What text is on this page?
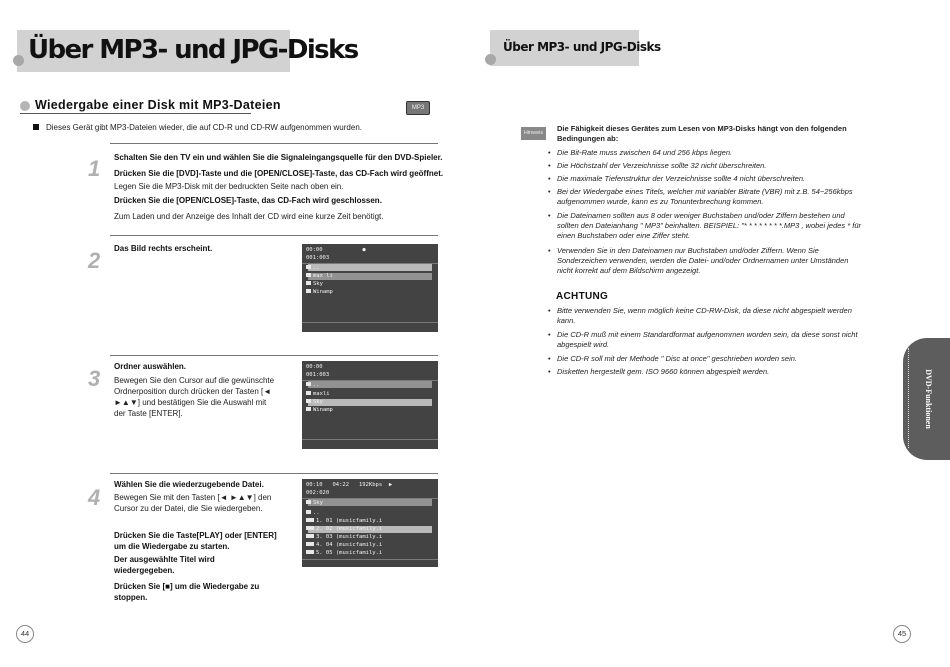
Über MP3- und JPG-Disks	Über MP3- und JPG-Disks
Wiedergabe einer Disk mit MP3-Dateien	MP3
Dieses Gerät gibt MP3-Dateien wieder, die auf CD-R und CD-RW aufgenommen wurden.
1 Schalten Sie den TV ein und wählen Sie die Signaleingangsquelle für den DVD-Spieler.
Drücken Sie die [DVD]-Taste und die [OPEN/CLOSE]-Taste, das CD-Fach wird geöffnet.
Legen Sie die MP3-Disk mit der bedruckten Seite nach oben ein.
Drücken Sie die [OPEN/CLOSE]-Taste, das CD-Fach wird geschlossen.
Zum Laden und der Anzeige des Inhalt der CD wird eine kurze Zeit benötigt.
2 Das Bild rechts erscheint.	00:00	●
001:003
..
max li
Sky
Winamp
3 Ordner auswählen.
Bewegen Sie den Cursor auf die gewünschte
Ordnerposition durch drücken der Tasten [◄
►▲▼] und bestätigen Sie die Auswahl mit
der Taste [ENTER].
00:00
001:003
..
maxli
Sky
Winamp
4
Wählen Sie die wiederzugebende Datei.
Bewegen Sie mit den Tasten [◄ ►▲▼] den
Cursor zu der Datei, die Sie wiedergeben.
Drücken Sie die Taste[PLAY] oder [ENTER]
um die Wiedergabe zu starten.
Der ausgewählte Titel wird
wiedergegeben.
Drücken Sie [■] um die Wiedergabe zu
stoppen.
00:10 04:22 192Kbps ▶
002:020
Sky
..
1. 01 (musicfamily.i
2. 02 (musicfamily.i
3. 03 (musicfamily.i
4. 04 (musicfamily.i
5. 05 (musicfamily.i
44
Hinweis	Die Fähigkeit dieses Gerätes zum Lesen von MP3-Disks hängt von den folgenden
Bedingungen ab:
• Die Bit-Rate muss zwischen 64 und 256 kbps liegen.
• Die Höchstzahl der Verzeichnisse sollte 32 nicht überschreiten.
• Die maximale Tiefenstruktur der Verzeichnisse sollte 4 nicht überschreiten.
• Bei der Wiedergabe eines Titels, welcher mit variabler Bitrate (VBR) mit z.B. 54~256kbps
aufgenommen wurde, kann es zu Tonunterbrechung kommen.
• Die Dateinamen sollten aus 8 oder weniger Buchstaben und/oder Ziffern bestehen und
sollten den Dateianhang " MP3" beinhalten. BEISPIEL: "* * * * * * * *.MP3 , wobei jedes * für
einen Buchstaben oder eine Ziffer steht.
• Verwenden Sie in den Dateinamen nur Buchstaben und/oder Ziffern. Wenn Sie
Sonderzeichen verwenden, werden die Datei- und/oder Ordnernamen unter Umständen
nicht korrekt auf dem Bildschirm angezeigt.
ACHTUNG
• Bitte verwenden Sie, wenn möglich keine CD-RW-Disk, da diese nicht abgespielt werden
kann.
• Die CD-R muß mit einem Standardformat aufgenommen worden sein, da diese sonst nicht
abgespielt wird.
• Die CD-R soll mit der Methode " Disc at once" geschrieben worden sein.
• Disketten hergestellt gem. ISO 9660 können abgespielt werden.	DVD-Funktionen
45
